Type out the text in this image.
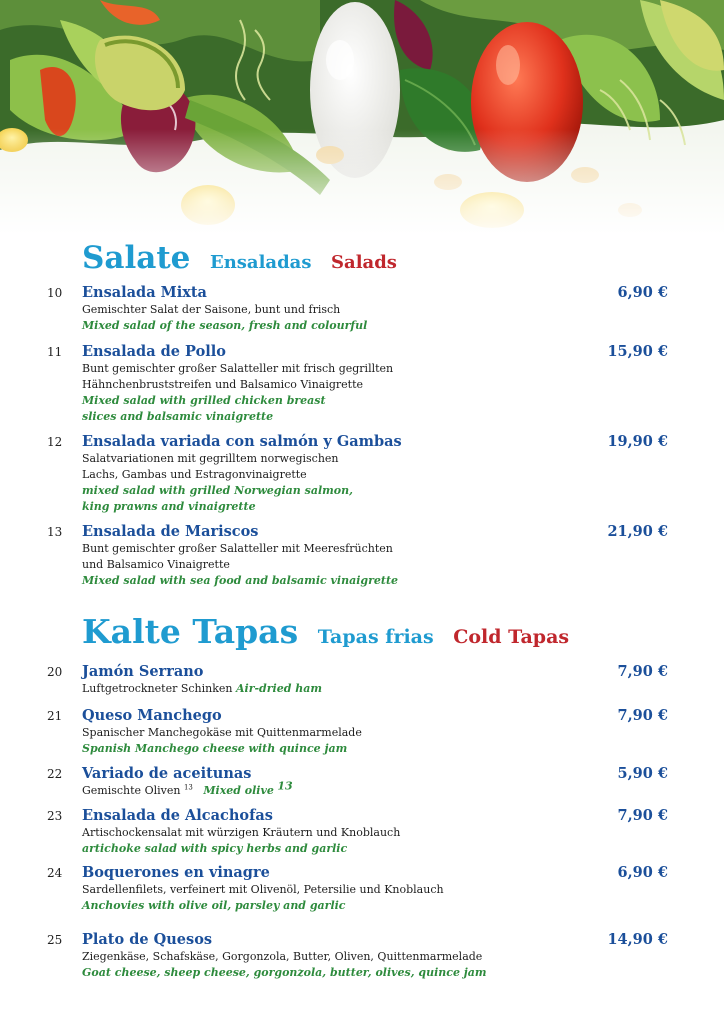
Salate Ensaladas Salads
10 Ensalada Mixta	6,90 €
Gemischter Salat der Saisone, bunt und frisch
Mixed salad of the season, fresh and colourful
11 Ensalada de Pollo	15,90 €
Bunt gemischter großer Salatteller mit frisch gegrillten
Hähnchenbruststreifen und Balsamico Vinaigrette
Mixed salad with grilled chicken breast
slices and balsamic vinaigrette
12 Ensalada variada con salmón y Gambas	19,90 €
Salatvariationen mit gegrilltem norwegischen
Lachs, Gambas und Estragonvinaigrette
mixed salad with grilled Norwegian salmon,
king prawns and vinaigrette
13 Ensalada de Mariscos	21,90 €
Bunt gemischter großer Salatteller mit Meeresfrüchten
und Balsamico Vinaigrette
Mixed salad with sea food and balsamic vinaigrette
Kalte Tapas Tapas frias Cold Tapas
20 Jamón Serrano	7,90 €
Luftgetrockneter Schinken Air-dried ham
21 Queso Manchego	7,90 €
Spanischer Manchegokäse mit Quittenmarmelade
Spanish Manchego cheese with quince jam
22 Variado de aceitunas	5,90 €
Gemischte Oliven $^{13}$ Mixed olive $^{13}$
23 Ensalada de Alcachofas	7,90 €
Artischockensalat mit würzigen Kräutern und Knoblauch
artichoke salad with spicy herbs and garlic
24 Boquerones en vinagre	6,90 €
Sardellenfilets, verfeinert mit Olivenöl, Petersilie und Knoblauch
Anchovies with olive oil, parsley and garlic
25 Plato de Quesos	14,90 €
Ziegenkäse, Schafskäse, Gorgonzola, Butter, Oliven, Quittenmarmelade
Goat cheese, sheep cheese, gorgonzola, butter, olives, quince jam
